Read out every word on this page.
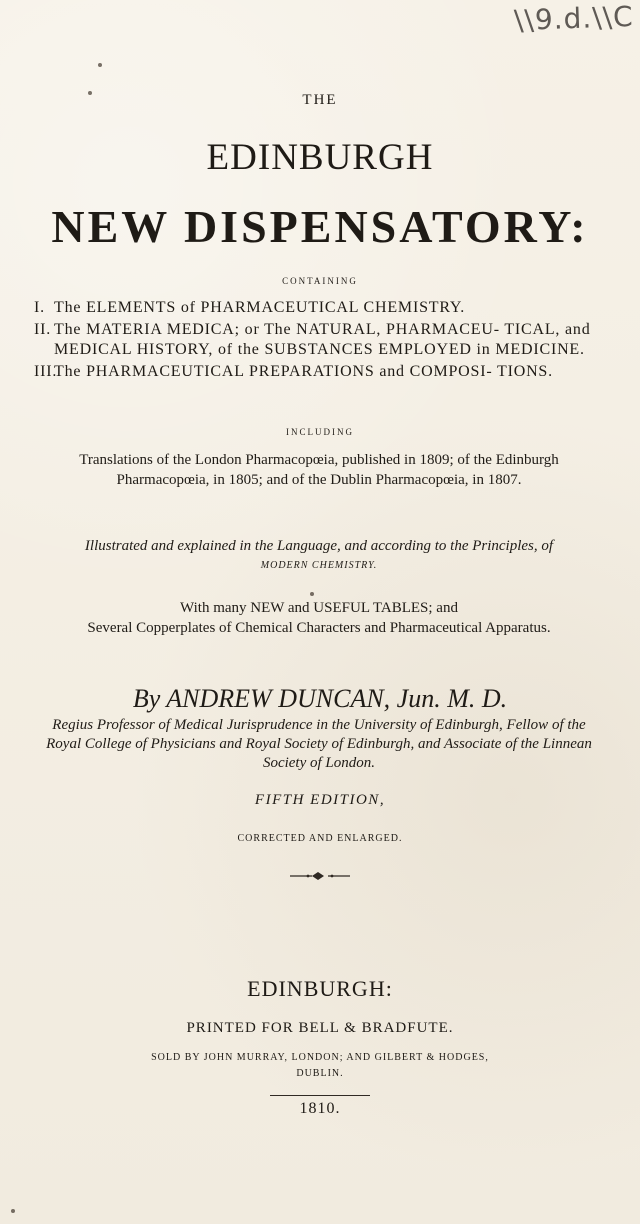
\\9.d.\\C
THE
EDINBURGH
NEW DISPENSATORY:
CONTAINING
I. The ELEMENTS of PHARMACEUTICAL CHEMISTRY.
II. The MATERIA MEDICA; or The NATURAL, PHARMACEU- TICAL, and MEDICAL HISTORY, of the SUBSTANCES EMPLOYED in MEDICINE.
III.
The PHARMACEUTICAL PREPARATIONS and COMPOSI- TIONS.
INCLUDING
Translations of the London Pharmacopœia, published in 1809; of the Edinburgh Pharmacopœia, in 1805; and of the Dublin Pharmacopœia, in 1807.
Illustrated and explained in the Language, and according to the Principles, of
MODERN CHEMISTRY.
With many NEW and USEFUL TABLES; and
Several Copperplates of Chemical Characters and Pharmaceutical Apparatus.
By ANDREW DUNCAN, Jun. M. D.
Regius Professor of Medical Jurisprudence in the University of Edinburgh, Fellow of the Royal College of Physicians and Royal Society of Edinburgh, and Associate of the Linnean Society of London.
FIFTH EDITION,
CORRECTED AND ENLARGED.
EDINBURGH:
PRINTED FOR BELL & BRADFUTE.
SOLD BY JOHN MURRAY, LONDON; AND GILBERT & HODGES,
DUBLIN.
1810.
